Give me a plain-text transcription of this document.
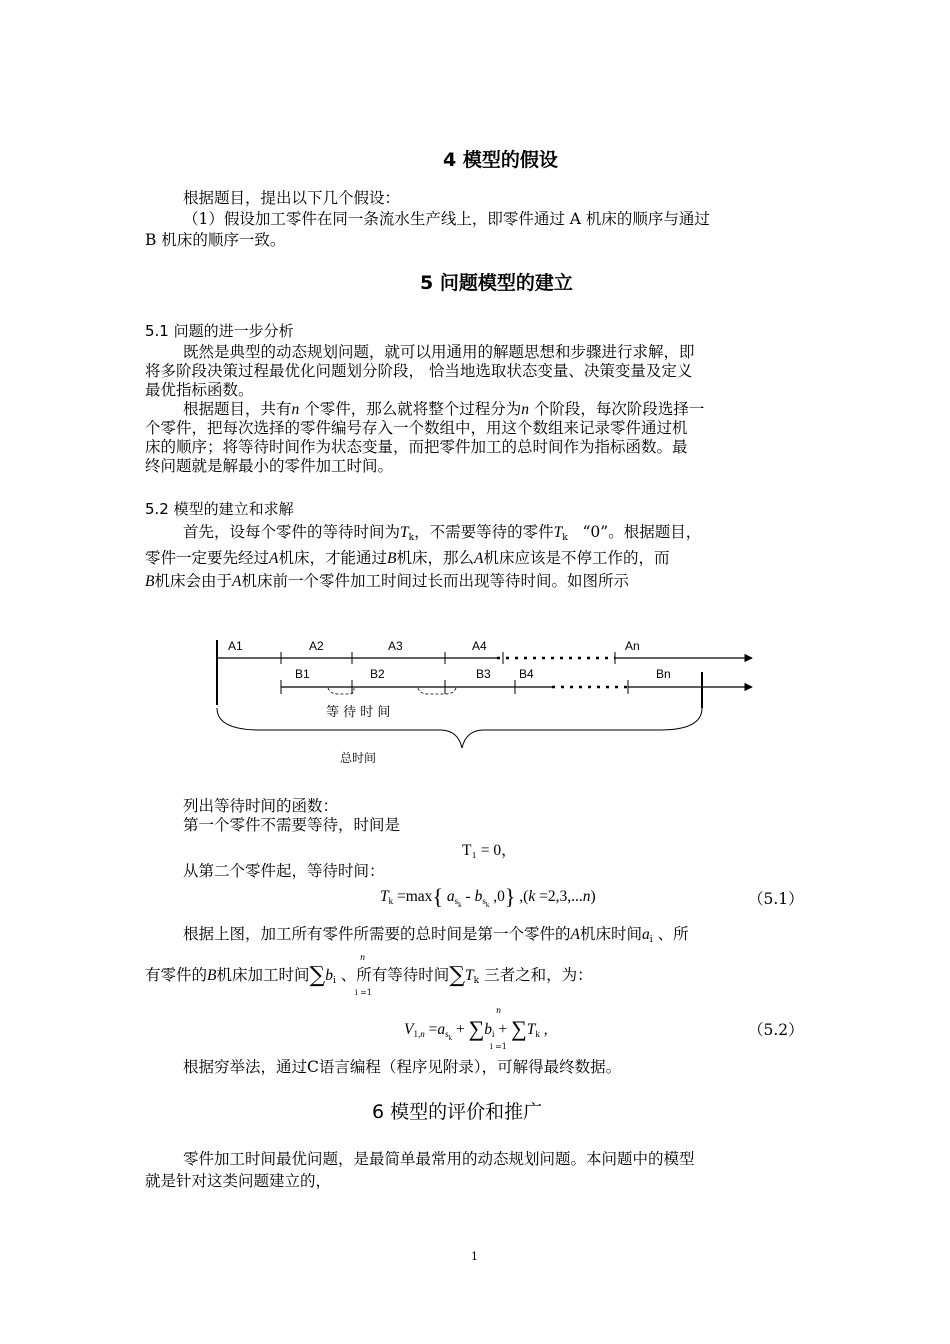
4 模型的假设
根据题目，提出以下几个假设：
（1）假设加工零件在同一条流水生产线上，即零件通过 A 机床的顺序与通过
B 机床的顺序一致。
5 问题模型的建立
5.1 问题的进一步分析
既然是典型的动态规划问题，就可以用通用的解题思想和步骤进行求解，即
将多阶段决策过程最优化问题划分阶段， 恰当地选取状态变量、决策变量及定义
最优指标函数。
根据题目，共有n 个零件，那么就将整个过程分为n 个阶段，每次阶段选择一
个零件，把每次选择的零件编号存入一个数组中，用这个数组来记录零件通过机
床的顺序；将等待时间作为状态变量，而把零件加工的总时间作为指标函数。最
终问题就是解最小的零件加工时间。
5.2 模型的建立和求解
首先，设每个零件的等待时间为$T_k$，不需要等待的零件$T_k$ “0”。根据题目，
零件一定要先经过A机床，才能通过B机床，那么A机床应该是不停工作的，而
B机床会由于A机床前一个零件加工时间过长而出现等待时间。如图所示
A1	A2	A3	A4	An
B1	B2	B3 B4	Bn
等 待 时 间
总时间
列出等待时间的函数：
第一个零件不需要等待，时间是
T₁ = 0，
从第二个零件起，等待时间：
$T_k =\max${ $a_{s_k} - b_{s_k}$ ,0} ,(k =2,3,...n)	（5.1）
根据上图，加工所有零件所需要的总时间是第一个零件的A机床时间$a_i$ 、所
有零件的B机床加工时间$\sum b_i$ 、所有等待时间$\sum T_k$ 三者之和，为：
n
i =1
$V_{1,n} =a_{s_k} + \sum b_i + \sum T_k$ ,
n
i =1
（5.2）
根据穷举法，通过C语言编程（程序见附录），可解得最终数据。
6 模型的评价和推广
零件加工时间最优问题，是最简单最常用的动态规划问题。本问题中的模型
就是针对这类问题建立的，
1
